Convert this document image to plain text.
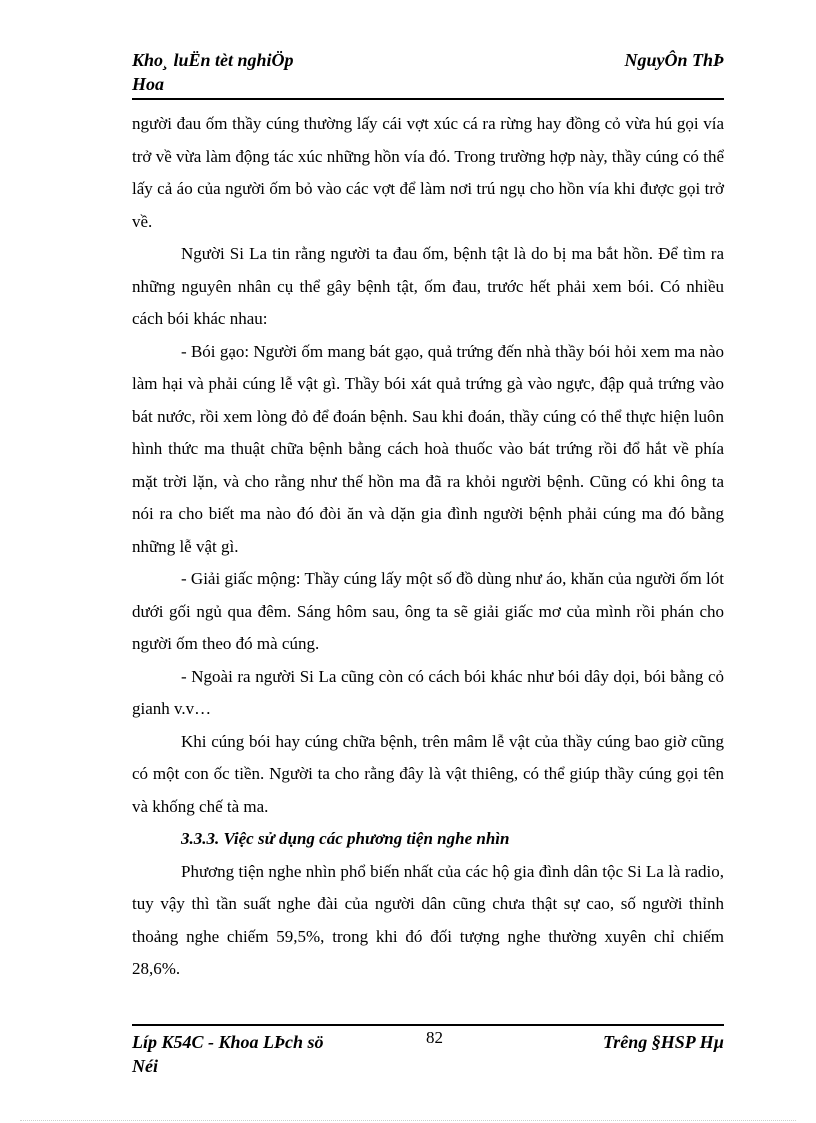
Kho¸ luËn tèt nghiÖp
Hoa
NguyÔn ThÞ

người đau ốm thầy cúng thường lấy cái vợt xúc cá ra rừng hay đồng cỏ vừa hú gọi vía trở về vừa làm động tác xúc những hồn vía đó. Trong trường hợp này, thầy cúng có thể lấy cả áo của người ốm bỏ vào các vợt để làm nơi trú ngụ cho hồn vía khi được gọi trở về.

Người Si La tin rằng người ta đau ốm, bệnh tật là do bị ma bắt hồn. Để tìm ra những nguyên nhân cụ thể gây bệnh tật, ốm đau, trước hết phải xem bói. Có nhiều cách bói khác nhau:

- Bói gạo: Người ốm mang bát gạo, quả trứng đến nhà thầy bói hỏi xem ma nào làm hại và phải cúng lễ vật gì. Thầy bói xát quả trứng gà vào ngực, đập quả trứng vào bát nước, rồi xem lòng đỏ để đoán bệnh. Sau khi đoán, thầy cúng có thể thực hiện luôn hình thức ma thuật chữa bệnh bằng cách hoà thuốc vào bát trứng rồi đổ hắt về phía mặt trời lặn, và cho rằng như thế hồn ma đã ra khỏi người bệnh. Cũng có khi ông ta nói ra cho biết ma nào đó đòi ăn và dặn gia đình người bệnh phải cúng ma đó bằng những lễ vật gì.

- Giải giấc mộng: Thầy cúng lấy một số đồ dùng như áo, khăn của người ốm lót dưới gối ngủ qua đêm. Sáng hôm sau, ông ta sẽ giải giấc mơ của mình rồi phán cho người ốm theo đó mà cúng.

- Ngoài ra người Si La cũng còn có cách bói khác như bói dây dọi, bói bằng cỏ gianh v.v…

Khi cúng bói hay cúng chữa bệnh, trên mâm lễ vật của thầy cúng bao giờ cũng có một con ốc tiền. Người ta cho rằng đây là vật thiêng, có thể giúp thầy cúng gọi tên và khống chế tà ma.

3.3.3. Việc sử dụng các phương tiện nghe nhìn

Phương tiện nghe nhìn phổ biến nhất của các hộ gia đình dân tộc Si La là radio, tuy vậy thì tần suất nghe đài của người dân cũng chưa thật sự cao, số người thỉnh thoảng nghe chiếm 59,5%, trong khi đó đối tượng nghe thường xuyên chỉ chiếm 28,6%.

Líp K54C - Khoa LÞch sö
Néi
82	Trêng §HSP Hµ
